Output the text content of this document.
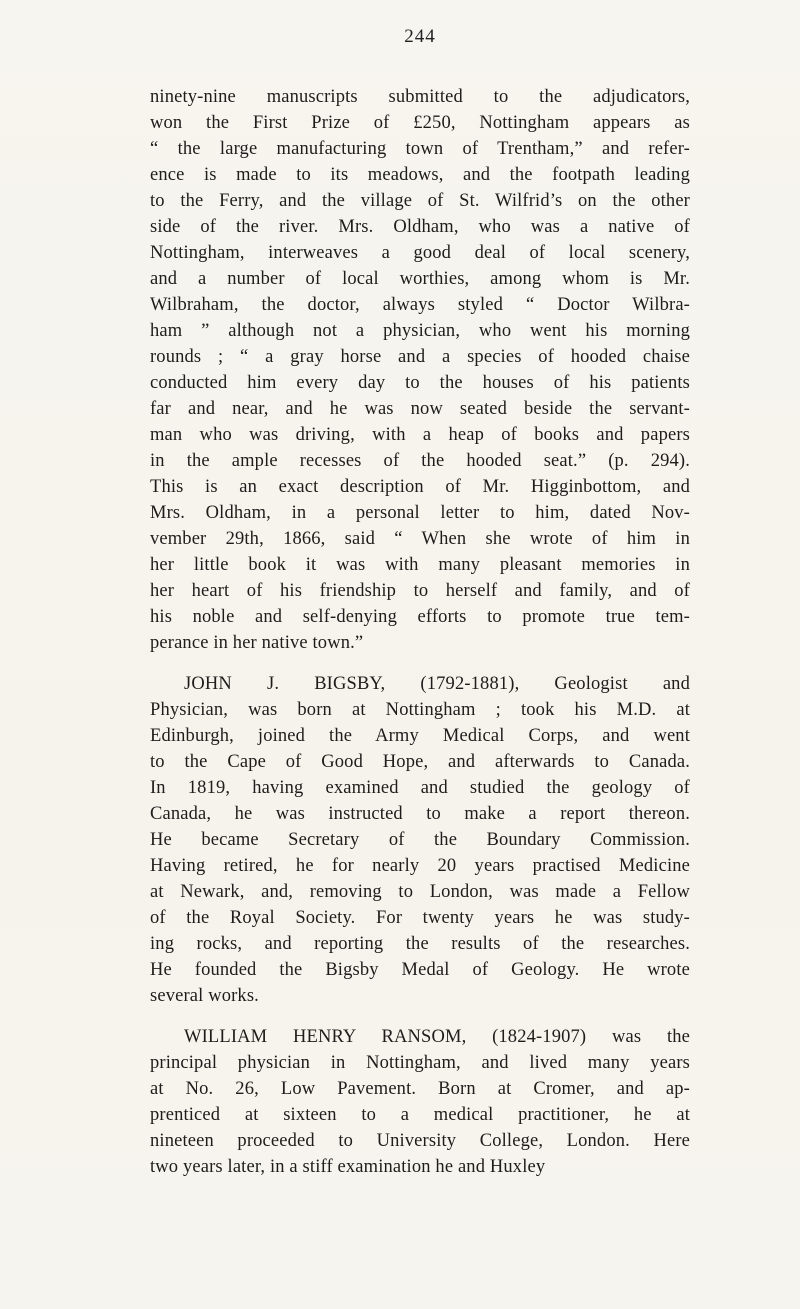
244
ninety-nine manuscripts submitted to the adjudicators,
won the First Prize of £250, Nottingham appears as
“ the large manufacturing town of Trentham,” and refer-
ence is made to its meadows, and the footpath leading
to the Ferry, and the village of St. Wilfrid’s on the other
side of the river. Mrs. Oldham, who was a native of
Nottingham, interweaves a good deal of local scenery,
and a number of local worthies, among whom is Mr.
Wilbraham, the doctor, always styled “ Doctor Wilbra-
ham ” although not a physician, who went his morning
rounds ; “ a gray horse and a species of hooded chaise
conducted him every day to the houses of his patients
far and near, and he was now seated beside the servant-
man who was driving, with a heap of books and papers
in the ample recesses of the hooded seat.” (p. 294).
This is an exact description of Mr. Higginbottom, and
Mrs. Oldham, in a personal letter to him, dated Nov-
vember 29th, 1866, said “ When she wrote of him in
her little book it was with many pleasant memories in
her heart of his friendship to herself and family, and of
his noble and self-denying efforts to promote true tem-
perance in her native town.”
JOHN J. BIGSBY, (1792-1881), Geologist and
Physician, was born at Nottingham ; took his M.D. at
Edinburgh, joined the Army Medical Corps, and went
to the Cape of Good Hope, and afterwards to Canada.
In 1819, having examined and studied the geology of
Canada, he was instructed to make a report thereon.
He became Secretary of the Boundary Commission.
Having retired, he for nearly 20 years practised Medicine
at Newark, and, removing to London, was made a Fellow
of the Royal Society. For twenty years he was study-
ing rocks, and reporting the results of the researches.
He founded the Bigsby Medal of Geology. He wrote
several works.
WILLIAM HENRY RANSOM, (1824-1907) was the
principal physician in Nottingham, and lived many years
at No. 26, Low Pavement. Born at Cromer, and ap-
prenticed at sixteen to a medical practitioner, he at
nineteen proceeded to University College, London. Here
two years later, in a stiff examination he and Huxley
